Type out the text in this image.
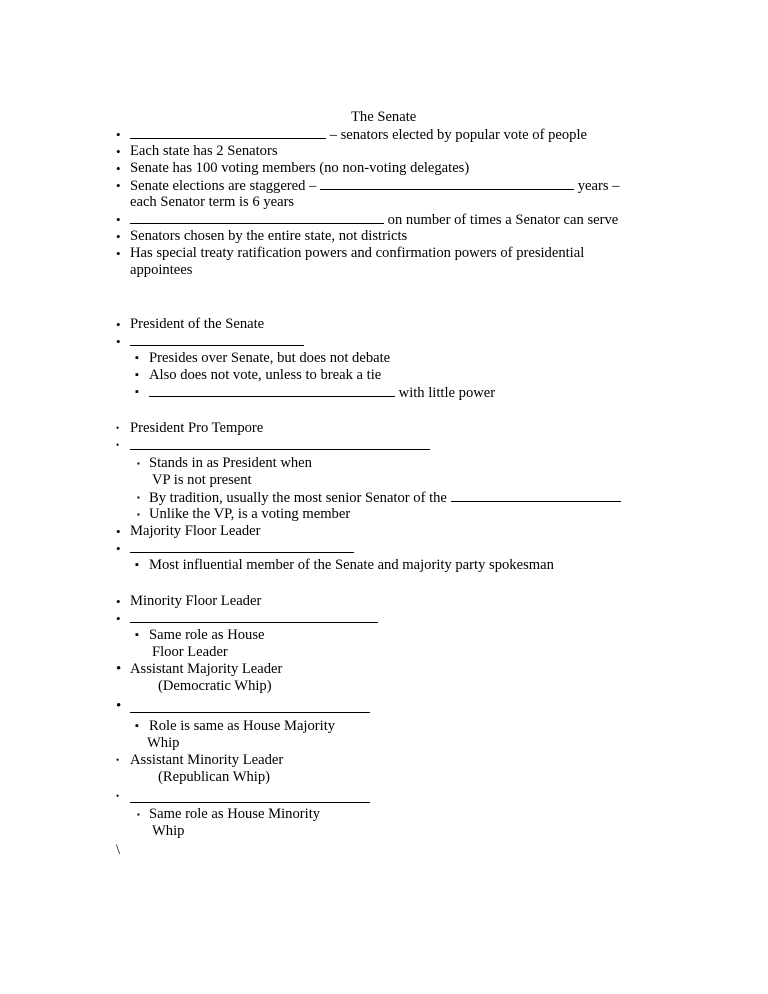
The Senate
•	– senators elected by popular vote of people
• Each state has 2 Senators
• Senate has 100 voting members (no non-voting delegates)
• Senate elections are staggered –	years –
each Senator term is 6 years
•	on number of times a Senator can serve
• Senators chosen by the entire state, not districts
• Has special treaty ratification powers and confirmation powers of presidential
appointees
• President of the Senate
•
▪ Presides over Senate, but does not debate
▪ Also does not vote, unless to break a tie
▪	with little power
• President Pro Tempore
•
▪ Stands in as President when
VP is not present
▪ By tradition, usually the most senior Senator of the
▪ Unlike the VP, is a voting member
• Majority Floor Leader
•
▪ Most influential member of the Senate and majority party spokesman
• Minority Floor Leader
•
▪ Same role as House
Floor Leader
• Assistant Majority Leader
(Democratic Whip)
•
▪ Role is same as House Majority
Whip
• Assistant Minority Leader
(Republican Whip)
•
▪ Same role as House Minority
Whip
\
